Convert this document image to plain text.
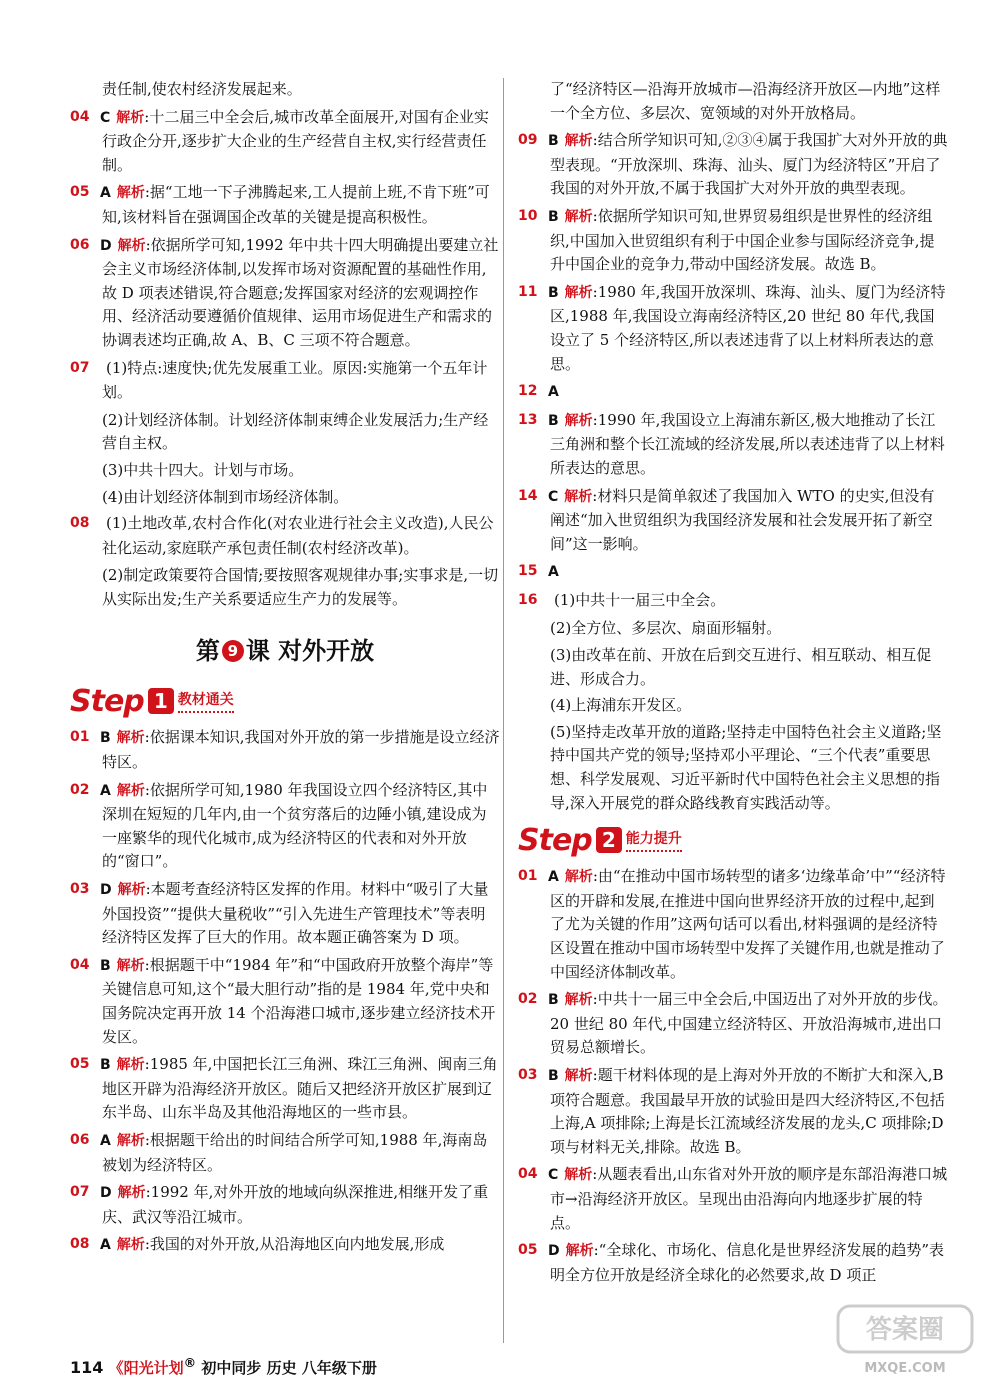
责任制,使农村经济发展起来。
04 C 解析:十二届三中全会后,城市改革全面展开,对国有企业实行政企分开,逐步扩大企业的生产经营自主权,实行经营责任制。
05 A 解析:据“工地一下子沸腾起来,工人提前上班,不肯下班”可知,该材料旨在强调国企改革的关键是提高积极性。
06 D 解析:依据所学可知,1992 年中共十四大明确提出要建立社会主义市场经济体制,以发挥市场对资源配置的基础性作用,故 D 项表述错误,符合题意;发挥国家对经济的宏观调控作用、经济活动要遵循价值规律、运用市场促进生产和需求的协调表述均正确,故 A、B、C 三项不符合题意。
07 (1)特点:速度快;优先发展重工业。原因:实施第一个五年计划。
(2)计划经济体制。计划经济体制束缚企业发展活力;生产经营自主权。
(3)中共十四大。计划与市场。
(4)由计划经济体制到市场经济体制。
08 (1)土地改革,农村合作化(对农业进行社会主义改造),人民公社化运动,家庭联产承包责任制(农村经济改革)。
(2)制定政策要符合国情;要按照客观规律办事;实事求是,一切从实际出发;生产关系要适应生产力的发展等。
第 9 课 对外开放
Step 1 教材通关
01 B 解析:依据课本知识,我国对外开放的第一步措施是设立经济特区。
02 A 解析:依据所学可知,1980 年我国设立四个经济特区,其中深圳在短短的几年内,由一个贫穷落后的边陲小镇,建设成为一座繁华的现代化城市,成为经济特区的代表和对外开放的“窗口”。
03 D 解析:本题考查经济特区发挥的作用。材料中“吸引了大量外国投资”“提供大量税收”“引入先进生产管理技术”等表明经济特区发挥了巨大的作用。故本题正确答案为 D 项。
04 B 解析:根据题干中“1984 年”和“中国政府开放整个海岸”等关键信息可知,这个“最大胆行动”指的是 1984 年,党中央和国务院决定再开放 14 个沿海港口城市,逐步建立经济技术开发区。
05 B 解析:1985 年,中国把长江三角洲、珠江三角洲、闽南三角地区开辟为沿海经济开放区。随后又把经济开放区扩展到辽东半岛、山东半岛及其他沿海地区的一些市县。
06 A 解析:根据题干给出的时间结合所学可知,1988 年,海南岛被划为经济特区。
07 D 解析:1992 年,对外开放的地域向纵深推进,相继开发了重庆、武汉等沿江城市。
08 A 解析:我国的对外开放,从沿海地区向内地发展,形成
了“经济特区—沿海开放城市—沿海经济开放区—内地”这样一个全方位、多层次、宽领域的对外开放格局。
09 B 解析:结合所学知识可知,②③④属于我国扩大对外开放的典型表现。“开放深圳、珠海、汕头、厦门为经济特区”开启了我国的对外开放,不属于我国扩大对外开放的典型表现。
10 B 解析:依据所学知识可知,世界贸易组织是世界性的经济组织,中国加入世贸组织有利于中国企业参与国际经济竞争,提升中国企业的竞争力,带动中国经济发展。故选 B。
11 B 解析:1980 年,我国开放深圳、珠海、汕头、厦门为经济特区,1988 年,我国设立海南经济特区,20 世纪 80 年代,我国设立了 5 个经济特区,所以表述违背了以上材料所表达的意思。
12 A
13 B 解析:1990 年,我国设立上海浦东新区,极大地推动了长江三角洲和整个长江流域的经济发展,所以表述违背了以上材料所表达的意思。
14 C 解析:材料只是简单叙述了我国加入 WTO 的史实,但没有阐述“加入世贸组织为我国经济发展和社会发展开拓了新空间”这一影响。
15 A
16 (1)中共十一届三中全会。
(2)全方位、多层次、扇面形辐射。
(3)由改革在前、开放在后到交互进行、相互联动、相互促进、形成合力。
(4)上海浦东开发区。
(5)坚持走改革开放的道路;坚持走中国特色社会主义道路;坚持中国共产党的领导;坚持邓小平理论、“三个代表”重要思想、科学发展观、习近平新时代中国特色社会主义思想的指导,深入开展党的群众路线教育实践活动等。
Step 2 能力提升
01 A 解析:由“在推动中国市场转型的诸多‘边缘革命’中”“经济特区的开辟和发展,在推进中国向世界经济开放的过程中,起到了尤为关键的作用”这两句话可以看出,材料强调的是经济特区设置在推动中国市场转型中发挥了关键作用,也就是推动了中国经济体制改革。
02 B 解析:中共十一届三中全会后,中国迈出了对外开放的步伐。20 世纪 80 年代,中国建立经济特区、开放沿海城市,进出口贸易总额增长。
03 B 解析:题干材料体现的是上海对外开放的不断扩大和深入,B 项符合题意。我国最早开放的试验田是四大经济特区,不包括上海,A 项排除;上海是长江流域经济发展的龙头,C 项排除;D 项与材料无关,排除。故选 B。
04 C 解析:从题表看出,山东省对外开放的顺序是东部沿海港口城市→沿海经济开放区。呈现出由沿海向内地逐步扩展的特点。
05 D 解析:“全球化、市场化、信息化是世界经济发展的趋势”表明全方位开放是经济全球化的必然要求,故 D 项正
114 《阳光计划® 初中同步 历史 八年级下册
答案圈
MXQE.COM
